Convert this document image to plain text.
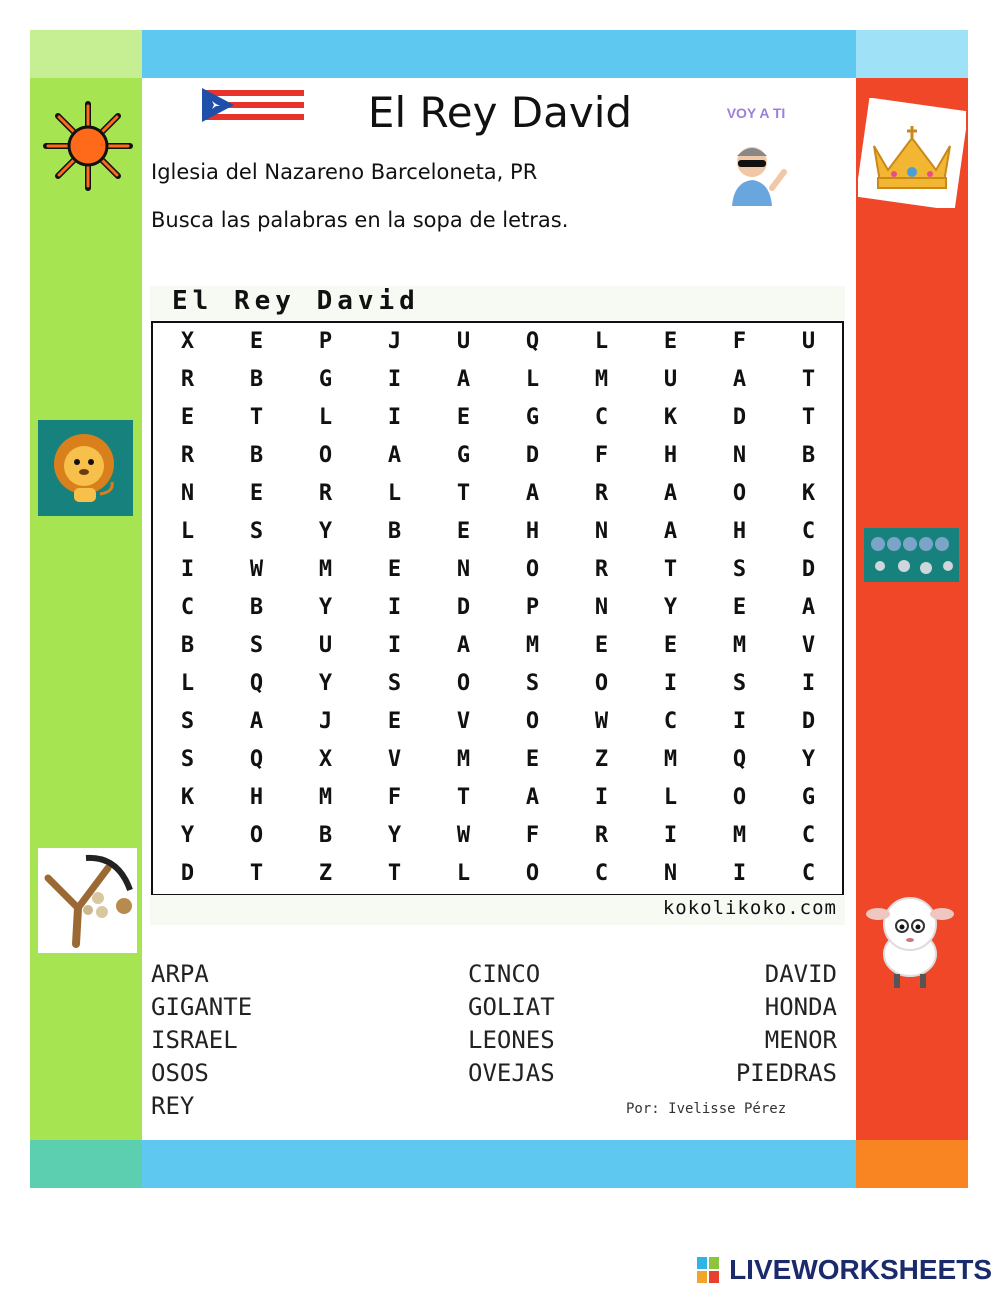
El Rey David
Iglesia del Nazareno Barceloneta, PR
Busca las palabras en la sopa de letras.
VOY A TI
El Rey David
X	E	P	J	U	Q	L	E	F	U
R	B	G	I	A	L	M	U	A	T
E	T	L	I	E	G	C	K	D	T
R	B	O	A	G	D	F	H	N	B
N	E	R	L	T	A	R	A	O	K
L	S	Y	B	E	H	N	A	H	C
I	W	M	E	N	O	R	T	S	D
C	B	Y	I	D	P	N	Y	E	A
B	S	U	I	A	M	E	E	M	V
L	Q	Y	S	O	S	O	I	S	I
S	A	J	E	V	O	W	C	I	D
S	Q	X	V	M	E	Z	M	Q	Y
K	H	M	F	T	A	I	L	O	G
Y	O	B	Y	W	F	R	I	M	C
D	T	Z	T	L	O	C	N	I	C
kokolikoko.com
ARPA	CINCO	DAVID
GIGANTE	GOLIAT	HONDA
ISRAEL	LEONES	MENOR
OSOS	OVEJAS	PIEDRAS
REY	Por: Ivelisse Pérez
LIVEWORKSHEETS
